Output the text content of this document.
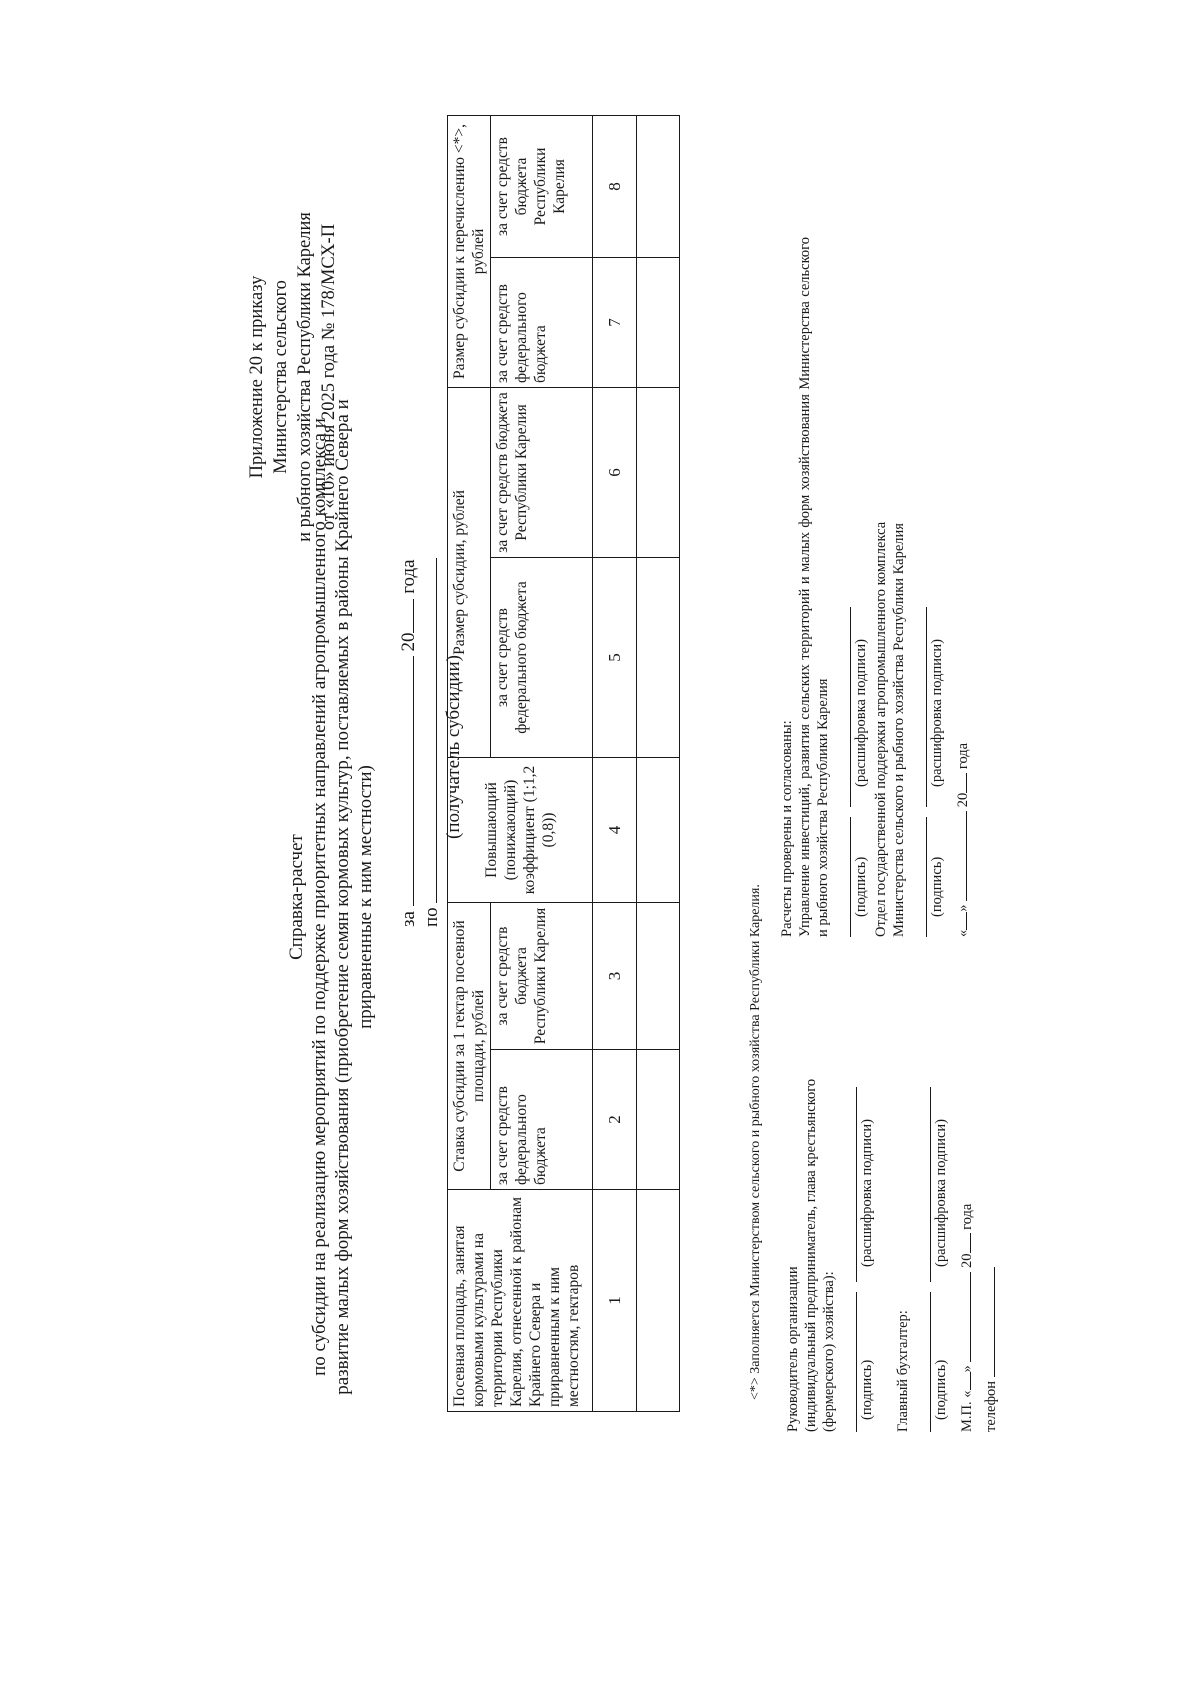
Приложение 20 к приказу Министерства сельского и рыбного хозяйства Республики Карелия от «10» июня 2025 года № 178/МСХ-П
Справка-расчет по субсидии на реализацию мероприятий по поддержке приоритетных направлений агропромышленного комплекса и развитие малых форм хозяйствования (приобретение семян кормовых культур, поставляемых в районы Крайнего Севера и приравненные к ним местности) за  20 года
по
(получатель субсидии)
Посевная площадь, занятая кормовыми культурами на территории Республики Карелия, отнесенной к районам Крайнего Севера и приравненным к ним местностям, гектаров	Ставка субсидии за 1 гектар посевной площади, рублей		Повышающий (понижающий) коэффициент (1;1,2 (0,8))	Размер субсидии, рублей		Размер субсидии к перечислению <*>, рублей	
	за счет средств федерального бюджета	за счет средств бюджета Республики Карелия		за счет средств федерального бюджета	за счет средств бюджета Республики Карелия	за счет средств федерального бюджета	за счет средств бюджета Республики Карелия
1	2	3	4	5	6	7	8

<*> Заполняется Министерством сельского и рыбного хозяйства Республики Карелия. Руководитель организации (индивидуальный предприниматель, глава крестьянского (фермерского) хозяйства): (подпись)
(расшифровка подписи)
Главный бухгалтер: (подпись)
(расшифровка подписи)
М.П. «»  20 года
телефон
Расчеты проверены и согласованы: Управление инвестиций, развития сельских территорий и малых форм хозяйствования Министерства сельского и рыбного хозяйства Республики Карелия (подпись)
(расшифровка подписи) Отдел государственной поддержки агропромышленного комплекса Министерства сельского и рыбного хозяйства Республики Карелия (подпись)
(расшифровка подписи)
«»  20 года
